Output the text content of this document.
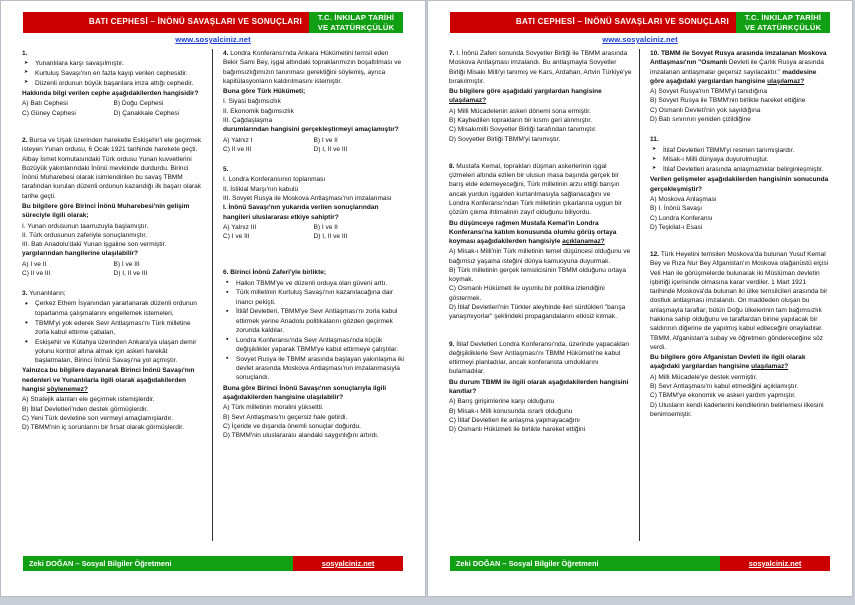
BATI CEPHESİ – İNÖNÜ SAVAŞLARI VE SONUÇLARI	T.C. İNKILAP TARİHİ
VE ATATÜRKÇÜLÜK
www.sosyalciniz.net

1.

➤ Yunanlılara karşı savaşılmıştır.
➤ Kurtuluş Savaşı'nın en fazla kayıp verilen cephesidir.
➤ Düzenli ordunun büyük başarılara imza attığı cephedir.

Hakkında bilgi verilen cephe aşağıdakilerden hangisidir?

A) Batı Cephesi	B) Doğu Cephesi
C) Güney Cephesi	D) Çanakkale Cephesi

2. Bursa ve Uşak üzerinden hareketle Eskişehir'i ele geçirmek isteyen Yunan ordusu, 6 Ocak 1921 tarihinde harekete geçti. Albay İsmet komutasındaki Türk ordusu Yunan kuvvetlerini Bozüyük yakınlarındaki İnönü mevkiinde durdurdu. Birinci İnönü Muharebesi olarak isimlendirilen bu savaş TBMM tarafından kurulan düzenli ordunun kazandığı ilk başarı olarak tarihe geçti.

Bu bilgilere göre Birinci İnönü Muharebesi'nin gelişim süreciyle ilgili olarak;

I. Yunan ordusunun taarruzuyla başlamıştır.

II. Türk ordusunun zaferiyle sonuçlanmıştır.

III. Batı Anadolu'daki Yunan işgaline son vermiştir.

yargılarından hangilerine ulaşılabilir?

A) I ve II	B) I ve III
C) II ve III	D) I, II ve III

3. Yunanlıların;

• Çerkez Ethem İsyanından yararlanarak düzenli ordunun toparlanma çalışmalarını engellemek istemeleri,
• TBMM'yi yok ederek Sevr Antlaşması'nı Türk milletine zorla kabul ettirme çabaları,
• Eskişehir ve Kütahya üzerinden Ankara'ya ulaşan demir yolunu kontrol altına almak için askeri harekât başlatmaları, Birinci İnönü Savaşı'na yol açmıştır.

Yalnızca bu bilgilere dayanarak Birinci İnönü Savaşı'nın nedenleri ve Yunanlılarla ilgili olarak aşağıdakilerden hangisi söylenemez?

A) Stratejik alanları ele geçirmek istemişlerdir.
B) İtilaf Devletleri'nden destek görmüşlerdir.
C) Yeni Türk devletine son vermeyi amaçlamışlardır.
D) TBMM'nin iç sorunlarını bir fırsat olarak görmüşlerdir.

4. Londra Konferansı'nda Ankara Hükümetini temsil eden Bekir Sami Bey, işgal altındaki topraklarımızın boşaltılması ve bağımsızlığımızın tanınması gerektiğini söylemiş, ayrıca kapitülasyonların kaldırılmasını istemiştir.

Buna göre Türk Hükümeti;

I. Siyasi bağımsızlık

II. Ekonomik bağımsızlık

III. Çağdaşlaşma

durumlarından hangisini gerçekleştirmeyi amaçlamıştır?

A) Yalnız I	B) I ve II
C) II ve III	D) I, II ve III

5.

I. Londra Konferansının toplanması

II. İstiklal Marşı'nın kabulü

III. Sovyet Rusya ile Moskova Antlaşması'nın imzalanması

I. İnönü Savaşı'nın yukarıda verilen sonuçlarından hangileri uluslararası etkiye sahiptir?

A) Yalnız III	B) I ve II
C) I ve III	D) I, II ve III

6. Birinci İnönü Zaferi'yle birlikte;

▪ Halkın TBMM'ye ve düzenli orduya olan güveni arttı.
▪ Türk milletinin Kurtuluş Savaşı'nın kazanılacağına dair inancı pekişti.
▪ İtilâf Devletleri, TBMM'ye Sevr Antlaşması'nı zorla kabul ettirmek yerine Anadolu politikalarını gözden geçirmek zorunda kaldılar.
▪ Londra Konferansı'nda Sevr Antlaşması'nda küçük değişiklikler yaparak TBMM'ye kabul ettirmeye çalıştılar.
▪ Sovyet Rusya ile TBMM arasında başlayan yakınlaşma iki devlet arasında Moskova Antlaşması'nın imzalanmasıyla sonuçlandı.

Buna göre Birinci İnönü Savaşı'nın sonuçlarıyla ilgili aşağıdakilerden hangisine ulaşılabilir?

A) Türk milletinin moralini yükseltti.
B) Sevr Antlaşması'nı geçersiz hale getirdi.
C) İçeride ve dışarıda önemli sonuçlar doğurdu.
D) TBMM'nin uluslararası alandaki saygınlığını artırdı.
Zeki DOĞAN – Sosyal Bilgiler Öğretmeni	sosyalciniz.net
BATI CEPHESİ – İNÖNÜ SAVAŞLARI VE SONUÇLARI	T.C. İNKILAP TARİHİ
VE ATATÜRKÇÜLÜK
www.sosyalciniz.net

7. I. İnönü Zaferi sonunda Sovyetler Birliği ile TBMM arasında Moskova Antlaşması imzalandı. Bu antlaşmayla Sovyetler Birliği Misakı Milli'yi tanımış ve Kars, Ardahan, Artvin Türkiye'ye bırakılmıştır.

Bu bilgilere göre aşağıdaki yargılardan hangisine ulaşılamaz?

A) Milli Mücadelenin askeri dönemi sona ermiştir.
B) Kaybedilen toprakların bir kısmı geri alınmıştır.
C) Misakımilli Sovyetler Birliği tarafından tanımıştır.
D) Sovyetler Birliği TBMM'yi tanımıştır.

8. Mustafa Kemal, toprakları düşman askerlerinin işgal çizmeleri altında ezilen bir ulusun masa başında gerçek bir barış elde edemeyeceğini, Türk milletinin arzu ettiği barışın ancak yurdun işgalden kurtarılmasıyla sağlanacağını ve Londra Konferansı'ndan Türk milletinin çıkarlarına uygun bir çözüm çıkma ihtimalinin zayıf olduğunu biliyordu.

Bu düşünceye rağmen Mustafa Kemal'in Londra Konferansı'na katılım konusunda olumlu görüş ortaya koyması aşağıdakilerden hangisiyle açıklanamaz?

A) Misak-ı Milli'nin Türk milletinin temel düşüncesi olduğunu ve bağımsız yaşama isteğini dünya kamuoyuna duyurmak.
B) Türk milletinin gerçek temsilcisinin TBMM olduğunu ortaya koymak.
C) Osmanlı Hükümeti ile uyumlu bir politika izlendiğini göstermek.
D) İtilaf Devletleri'nin Türkler aleyhinde ileri sürdükleri "barışa yanaşmıyorlar" şeklindeki propagandalarını etkisiz kılmak.

9. İtilaf Devletleri Londra Konferansı'nda, üzerinde yapacakları değişikliklerle Sevr Antlaşması'nı TBMM Hükümeti'ne kabul ettirmeyi planladılar, ancak konferansta umduklarını bulamadılar.

Bu durum TBMM ile ilgili olarak aşağıdakilerden hangisini kanıtlar?

A) Barış girişimlerine karşı olduğunu
B) Misak-ı Milli konusunda ısrarlı olduğunu
C) İtilaf Devletleri ile anlaşma yapmayacağını
D) Osmanlı Hükümeti ile birlikte hareket ettiğini

10. TBMM ile Sovyet Rusya arasında imzalanan Moskova Antlaşması'nın "Osmanlı Devleti ile Çarlık Rusya arasında imzalanan antlaşmalar geçersiz sayılacaktır." maddesine göre aşağıdaki yargılardan hangisine ulaşılamaz?

A) Sovyet Rusya'nın TBMM'yi tanıdığına
B) Sovyet Rusya ile TBMM'nin birlikte hareket ettiğine
C) Osmanlı Devleti'nin yok sayıldığına
D) Batı sınırının yeniden çizildiğine

11.

➤ İtilaf Devletleri TBMM'yi resmen tanımışlardır.
➤ Misak-ı Milli dünyaya duyurulmuştur.
➤ İtilaf Devletleri arasında anlaşmazlıklar belirginleşmiştir.

Verilen gelişmeler aşağıdakilerden hangisinin sonucunda gerçekleşmiştir?

A) Moskova Anlaşması
B) I. İnönü Savaşı
C) Londra Konferansı
D) Teşkilat-ı Esasi

12. Türk Heyetini temsilen Moskova'da bulunan Yusuf Kemal Bey ve Rıza Nur Bey Afganistan'ın Moskova olağanüstü elçisi Veli Han ile görüşmelerde bulunarak iki Müslüman devletin işbirliği içerisinde olmasına karar verdiler. 1 Mart 1921 tarihinde Moskova'da bulunan iki ülke temsilcileri arasında bir dostluk antlaşması imzalandı. On maddeden oluşan bu anlaşmayla taraflar; bütün Doğu ülkelerinin tam bağımsızlık hakkına sahip olduğunu ve taraflardan birine yapılacak bir saldırının diğerine de yapılmış kabul edileceğini onayladılar. TBMM, Afganistan'a subay ve öğretmen göndereceğine söz verdi.

Bu bilgilere göre Afganistan Devleti ile ilgili olarak aşağıdaki yargılardan hangisine ulaşılamaz?

A) Milli Mücadele'ye destek vermiştir.
B) Sevr Antlaşması'nı kabul etmediğini açıklamıştır.
C) TBMM'ye ekonomik ve askeri yardım yapmıştır.
D) Ulusların kendi kaderlerini kendilerinin belirlemesi ilkesini benimsemiştir.
Zeki DOĞAN – Sosyal Bilgiler Öğretmeni	sosyalciniz.net
